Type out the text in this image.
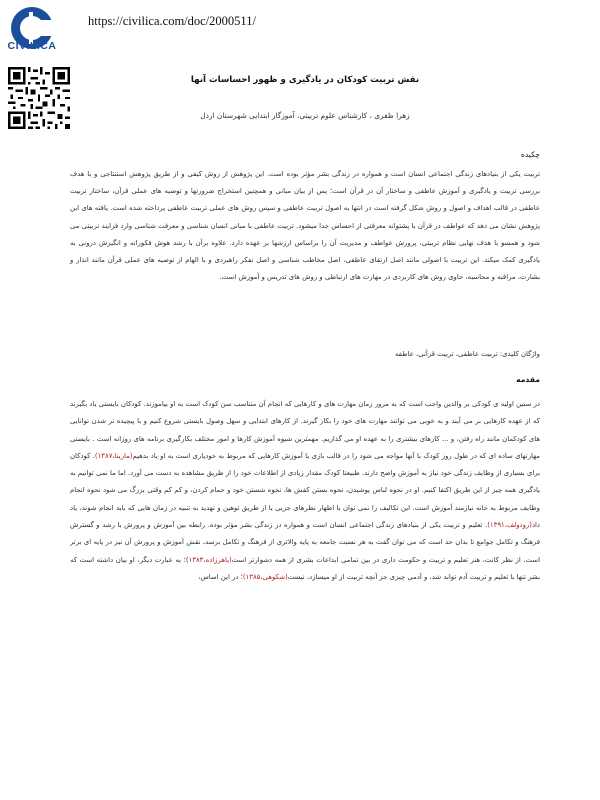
CIVILICA
https://civilica.com/doc/2000511/
نقش تربیت کودکان در یادگیری و ظهور احساسات آنها
زهرا ظفری ، کارشناس علوم تربیتی، آموزگار ابتدایی شهرستان اردل
چکیده
تربیت یکی از بنیادهای زندگی اجتماعی انسان است و همواره در زندگی بشر مؤثر بوده است. این پژوهش از روش کیفی و از طریق پژوهش استنتاجی و با هدف بررسی تربیت و یادگیری و آموزش عاطفی و ساختار آن در قرآن است؛ پس از بیان مبانی و همچنین استخراج ضرورتها و توصیه های عملی قرآن، ساختار تربیت عاطفی در قالب اهداف و اصول و روش شکل گرفته است در انتها به اصول تربیت عاطفی و سپس روش های عملی تربیت عاطفی پرداخته شده است. یافته های این پژوهش نشان می دهد که عواطف در قرآن با پشتوانه معرفتی از احساس جدا میشود. تربیت عاطفی با مبانی انسان شناسی و معرفت شناسی وارد فرایند تربیتی می شود و همسو با هدف نهایی نظام تربیتی، پرورش عواطف و مدیریت آن را براساس ارزشها بر عهده دارد. علاوه برآن با رشد هوش فکورانه و انگیزش درونی به یادگیری کمک میکند. این تربیت با اصولی مانند اصل ارتقای عاطفی، اصل مخاطب شناسی و اصل تفکر راهبردی و با الهام از توصیه های عملی قرآن مانند انذار و بشارت، مراقبه و محاسبه، حاوی روش های کاربردی در مهارت های ارتباطی و روش های تدریس و آموزش است.
واژگان کلیدی: تربیت عاطفی، تربیت قرآنی، عاطفه
مقدمه
در سنین اولیه ی کودکی بر والدین واجب است که به مرور زمان مهارت های و کارهایی که انجام آن متناسب سن کودک است به او بیاموزند. کودکان بایستی یاد بگیرند که از عهده کارهایی بر می آیند و به خوبی می توانند مهارت های خود را بکار گیرند. از کارهای ابتدایی و سهل وصول بایستی شروع کنیم و با پیچیده تر شدن توانایی های کودکمان مانند راه رفتن، و ... کارهای بیشتری را به عهده او می گذاریم. مهمترین شیوه آموزش کارها و امور مختلف بکارگیری برنامه های روزانه است . بایستی مهارتهای ساده ای که در طول روز کودک با آنها مواجه می شود را در قالب بازی یا آموزش کارهایی که مربوط به خودیاری است به او یاد بدهیم(مارینا،۱۳۸۷). کودکان برای بسیاری از وظایف زندگی خود نیاز به آموزش واضح دارند. طبیعتا کودک مقدار زیادی از اطلاعات خود را از طریق مشاهده به دست می آورد. اما ما نمی توانیم به یادگیری همه چیز از این طریق اکتفا کنیم. او در نحوه لباس پوشیدن، نحوه بستن کفش ها، نحوه شستن خود و حمام کردن، و کم کم وقتی بزرگ می شود نحوه انجام وظایف مربوط به خانه نیازمند آموزش است. این تکالیف را نمی توان با اظهار نظرهای جزیی یا از طریق توهین و تهدید به تنبیه در زمان هایی که باید انجام شوند، یاد داد(رودولف،۱۳۹۱). تعلیم و تربیت یکی از بنیادهای زندگی اجتماعی انسان است و همواره در زندگی بشر مؤثر بوده. رابطه بین آموزش و پرورش با رشد و گسترش فرهنگ و تکامل جوامع تا بدان حد است که می توان گفت به هر نسبت جامعه به پایه والاتری از فرهنگ و تکامل برسد، نقش آموزش و پرورش آن نیز در پایه ای برتر است. از نظر کانت، هنر تعلیم و تربیت و حکومت داری در بین تمامی ابداعات بشری از همه دشوارتر است(باهرزاده،۱۳۸۳)؛ به عبارت دیگر، او بیان داشته است که بشر تنها با تعلیم و تربیت آدم تواند شد، و آدمی چیزی جز آنچه تربیت از او میسازد، نیست(شکوهی،۱۳۸۵)؛ در این اساس،
